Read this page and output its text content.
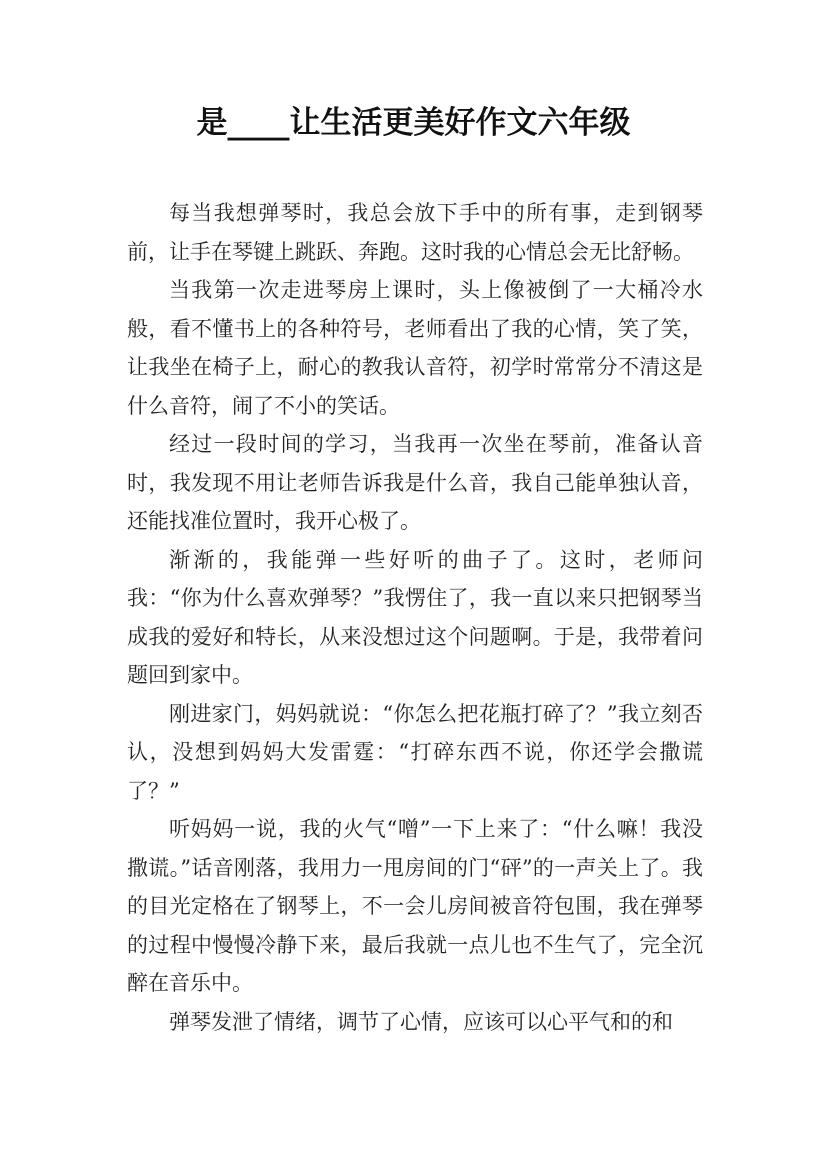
是____让生活更美好作文六年级

每当我想弹琴时，我总会放下手中的所有事，走到钢琴前，让手在琴键上跳跃、奔跑。这时我的心情总会无比舒畅。

当我第一次走进琴房上课时，头上像被倒了一大桶冷水般，看不懂书上的各种符号，老师看出了我的心情，笑了笑，让我坐在椅子上，耐心的教我认音符，初学时常常分不清这是什么音符，闹了不小的笑话。

经过一段时间的学习，当我再一次坐在琴前，准备认音时，我发现不用让老师告诉我是什么音，我自己能单独认音，还能找准位置时，我开心极了。

渐渐的，我能弹一些好听的曲子了。这时，老师问我：“你为什么喜欢弹琴？”我愣住了，我一直以来只把钢琴当成我的爱好和特长，从来没想过这个问题啊。于是，我带着问题回到家中。

刚进家门，妈妈就说：“你怎么把花瓶打碎了？”我立刻否认，没想到妈妈大发雷霆：“打碎东西不说，你还学会撒谎了？”

听妈妈一说，我的火气“噌”一下上来了：“什么嘛！我没撒谎。”话音刚落，我用力一甩房间的门“砰”的一声关上了。我的目光定格在了钢琴上，不一会儿房间被音符包围，我在弹琴的过程中慢慢冷静下来，最后我就一点儿也不生气了，完全沉醉在音乐中。

弹琴发泄了情绪，调节了心情，应该可以心平气和的和
